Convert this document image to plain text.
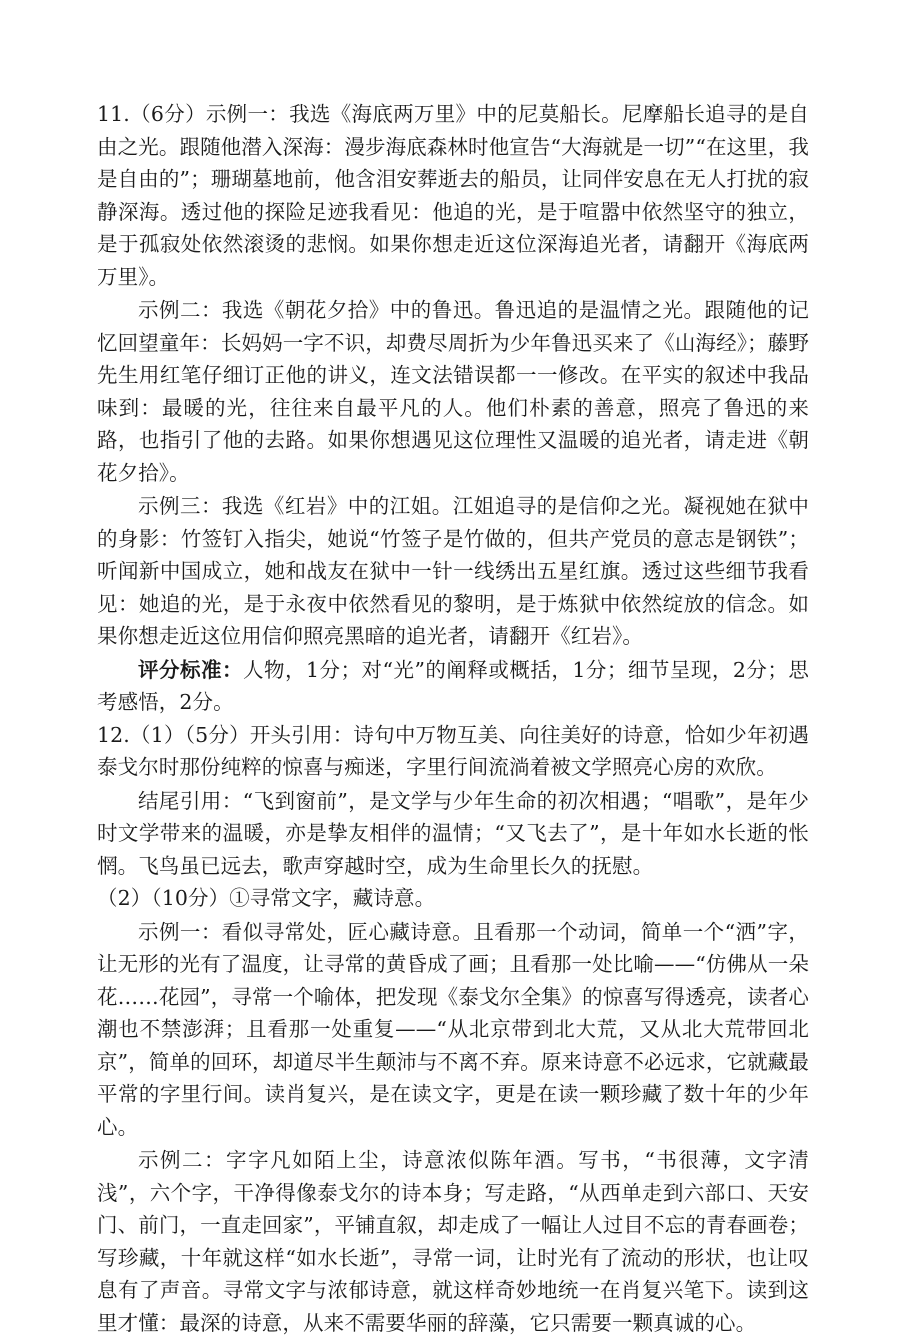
11.（6分）示例一：我选《海底两万里》中的尼莫船长。尼摩船长追寻的是自由之光。跟随他潜入深海：漫步海底森林时他宣告“大海就是一切”“在这里，我是自由的”；珊瑚墓地前，他含泪安葬逝去的船员，让同伴安息在无人打扰的寂静深海。透过他的探险足迹我看见：他追的光，是于喧嚣中依然坚守的独立，是于孤寂处依然滚烫的悲悯。如果你想走近这位深海追光者，请翻开《海底两万里》。

示例二：我选《朝花夕拾》中的鲁迅。鲁迅追的是温情之光。跟随他的记忆回望童年：长妈妈一字不识，却费尽周折为少年鲁迅买来了《山海经》；藤野先生用红笔仔细订正他的讲义，连文法错误都一一修改。在平实的叙述中我品味到：最暖的光，往往来自最平凡的人。他们朴素的善意，照亮了鲁迅的来路，也指引了他的去路。如果你想遇见这位理性又温暖的追光者，请走进《朝花夕拾》。

示例三：我选《红岩》中的江姐。江姐追寻的是信仰之光。凝视她在狱中的身影：竹签钉入指尖，她说“竹签子是竹做的，但共产党员的意志是钢铁”；听闻新中国成立，她和战友在狱中一针一线绣出五星红旗。透过这些细节我看见：她追的光，是于永夜中依然看见的黎明，是于炼狱中依然绽放的信念。如果你想走近这位用信仰照亮黑暗的追光者，请翻开《红岩》。

评分标准：人物，1分；对“光”的阐释或概括，1分；细节呈现，2分；思考感悟，2分。

12.（1）（5分）开头引用：诗句中万物互美、向往美好的诗意，恰如少年初遇泰戈尔时那份纯粹的惊喜与痴迷，字里行间流淌着被文学照亮心房的欢欣。

结尾引用：“飞到窗前”，是文学与少年生命的初次相遇；“唱歌”，是年少时文学带来的温暖，亦是挚友相伴的温情；“又飞去了”，是十年如水长逝的怅惘。飞鸟虽已远去，歌声穿越时空，成为生命里长久的抚慰。

（2）（10分）①寻常文字，藏诗意。

示例一：看似寻常处，匠心藏诗意。且看那一个动词，简单一个“洒”字，让无形的光有了温度，让寻常的黄昏成了画；且看那一处比喻——“仿佛从一朵花……花园”，寻常一个喻体，把发现《泰戈尔全集》的惊喜写得透亮，读者心潮也不禁澎湃；且看那一处重复——“从北京带到北大荒，又从北大荒带回北京”，简单的回环，却道尽半生颠沛与不离不弃。原来诗意不必远求，它就藏最平常的字里行间。读肖复兴，是在读文字，更是在读一颗珍藏了数十年的少年心。

示例二：字字凡如陌上尘，诗意浓似陈年酒。写书，“书很薄，文字清浅”，六个字，干净得像泰戈尔的诗本身；写走路，“从西单走到六部口、天安门、前门，一直走回家”，平铺直叙，却走成了一幅让人过目不忘的青春画卷；写珍藏，十年就这样“如水长逝”，寻常一词，让时光有了流动的形状，也让叹息有了声音。寻常文字与浓郁诗意，就这样奇妙地统一在肖复兴笔下。读到这里才懂：最深的诗意，从来不需要华丽的辞藻，它只需要一颗真诚的心。
